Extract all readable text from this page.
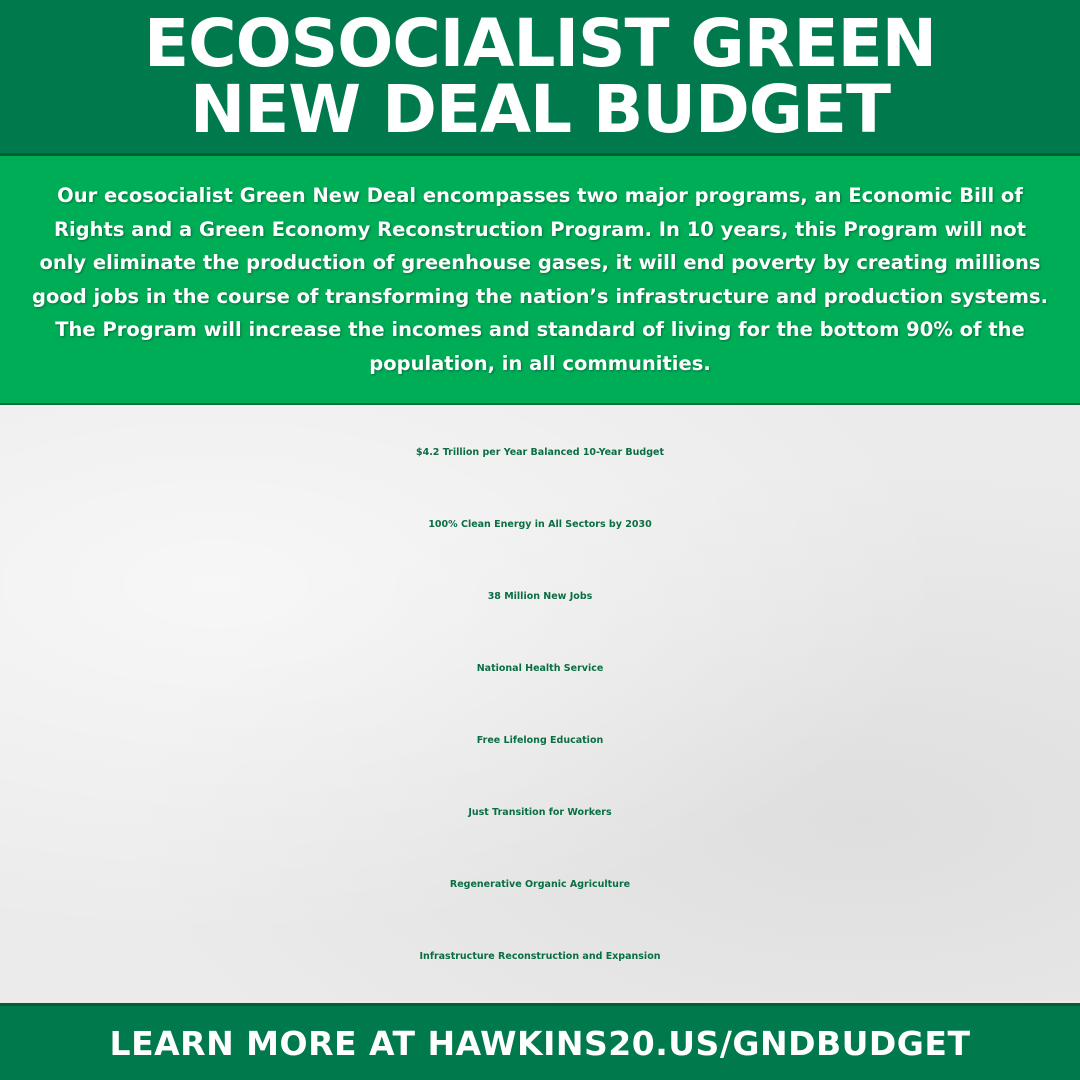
ECOSOCIALIST GREEN
NEW DEAL BUDGET

Our ecosocialist Green New Deal encompasses two major programs, an Economic Bill of Rights and a Green Economy Reconstruction Program. In 10 years, this Program will not only eliminate the production of greenhouse gases, it will end poverty by creating millions good jobs in the course of transforming the nation’s infrastructure and production systems. The Program will increase the incomes and standard of living for the bottom 90% of the population, in all communities.

$4.2 Trillion per Year Balanced 10-Year Budget
100% Clean Energy in All Sectors by 2030
38 Million New Jobs
National Health Service
Free Lifelong Education
Just Transition for Workers
Regenerative Organic Agriculture
Infrastructure Reconstruction and Expansion
LEARN MORE AT HAWKINS20.US/GNDBUDGET
